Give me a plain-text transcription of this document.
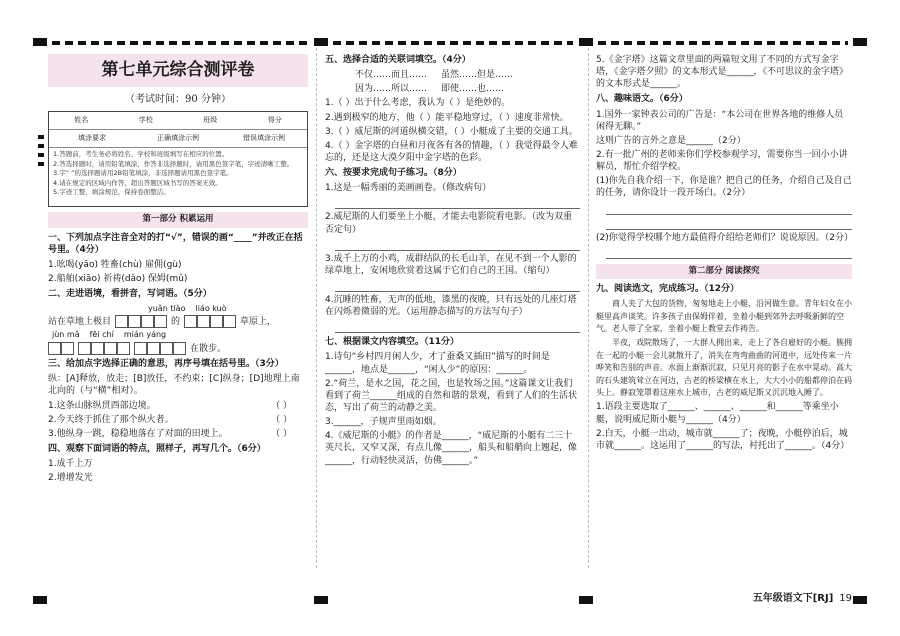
第七单元综合测评卷
（考试时间：90 分钟）
姓名	学校	班级	得分
填涂要求	正确填涂示例	错误填涂示例
1.答题前，考生务必将姓名、学校和班级填写在相应的位置。
2.答选择题时，请用铅笔填涂，作答非选择题时，请用黑色签字笔，字迹清晰工整。
3.字“ ”的选择题请用2B铅笔填涂，非选择题请用黑色签字笔。
4.请在规定的区域内作答，超出答题区域书写的答案无效。
5.字迹工整，填涂规范，保持卷面整洁。
第一部分 积累运用
一、下列加点字注音全对的打“√”，错误的画“____”并改正在括号里。（4分）
1.吆喝(yāo) 牲畜(chù) 雇佣(gù)
2.船舶(xiāo) 祈祷(dǎo) 保姆(mǔ)
二、走进语境，看拼音，写词语。（5分）
yuǎn tiào liáo kuò
站在草地上极目	的	草原上，
jùn mǎ fēi chí mián yáng
在散步。
三、给加点字选择正确的意思，再序号填在括号里。（3分）
纵：[A]释放，放走；[B]放任，不约束；[C]纵身；[D]地理上南北向的（与“横”相对）。
（ ）
1.这条山脉纵贯西部边境。
（ ）
2.今天终于抓住了那个纵火者。
（ ）
3.他纵身一跳，稳稳地落在了对面的田埂上。
四、观察下面词语的特点，照样子，再写几个。（6分）
1.成千上万
2.增增发光
五、选择合适的关联词填空。（4分）
不仅……而且…… 虽然……但是……
因为……所以…… 即使……也……
1.（ ）出于什么考虑，我认为（ ）是绝妙的。
2.遇到极窄的地方，他（ ）能平稳地穿过，（ ）速度非常快。
3.（ ）威尼斯的河道纵横交错，（ ）小艇成了主要的交通工具。
4.（ ）金字塔的白昼和月夜各有各的情趣，（ ）我觉得最令人难忘的，还是这大漠夕阳中金字塔的色彩。
六、按要求完成句子练习。（8分）
1.这是一幅秀丽的美画画卷。（修改病句）
2.威尼斯的人们要坐上小艇，才能去电影院看电影。（改为双重否定句）
3.成千上万的小鸡，成群结队的长毛山羊，在见不到一个人影的绿草地上，安闲地欣赏着这属于它们自己的王国。（缩句）
4.沉睡的牲畜，无声的低地，漆黑的夜晚，只有远处的几座灯塔在闪烁着微弱的光。（运用静态描写的方法写句子）
七、根据课文内容填空。（11分）
1.诗句“乡村四月闲人少，才了蚕桑又插田”描写的时间是______，地点是______，“闲人少”的原因：______。
2.“荷兰，是水之国，花之国，也是牧场之国。”这篇课文让我们看到了荷兰______组成的自然和谐的景观，看到了人们的生活状态，写出了荷兰的动静之美。
3.______，子规声里雨如烟。
4.《威尼斯的小艇》的作者是______，“威尼斯的小艇有二三十英尺长，又窄又深，有点儿像______，船头和船艄向上翘起，像______，行动轻快灵活，仿佛______。”
5.《金字塔》这篇文章里面的两篇短文用了不同的方式写金字塔，《金字塔夕照》的文本形式是______，《不可思议的金字塔》的文本形式是______。
八、趣味语文。（6分）
1.国外一家钟表公司的广告是：“本公司在世界各地的维修人员闲得无聊。”
这则广告的言外之意是______（2分）
2.有一批广州的老师来你们学校参观学习，需要你当一回小小讲解员，帮忙介绍学校。
(1)你先自我介绍一下，你是谁？把自己的任务，介绍自己及自己的任务，请你设计一段开场白。（2分）
(2)你觉得学校哪个地方最值得介绍给老师们？说说原因。（2分）
第二部分 阅读探究
九、阅读选文，完成练习。（12分）
商人夹了大包的货物，匆匆地走上小艇，沿河做生意。青年妇女在小艇里高声谈笑。许多孩子由保姆伴着，坐着小艇到郊外去呼吸新鲜的空气。老人带了全家，坐着小艇上教堂去作祷告。
半夜，戏院散场了，一大群人拥出来，走上了各自雇好的小艇。簇拥在一起的小艇一会儿就散开了，消失在弯弯曲曲的河道中，远处传来一片哗笑和告别的声音。水面上渐渐沉寂，只见月亮的影子在水中晃动。高大的石头建筑耸立在河边，古老的桥梁横在水上，大大小小的船都停泊在码头上。静寂笼罩着这座水上城市，古老的威尼斯又沉沉地入睡了。
1.语段主要选取了______、______、______和______等乘坐小艇，说明威尼斯小艇与______（4分）
2.白天，小艇一出动，城市就______了；夜晚，小艇停泊后，城市就______。这运用了______的写法，衬托出了______。（4分）
五年级语文下[RJ] 19
